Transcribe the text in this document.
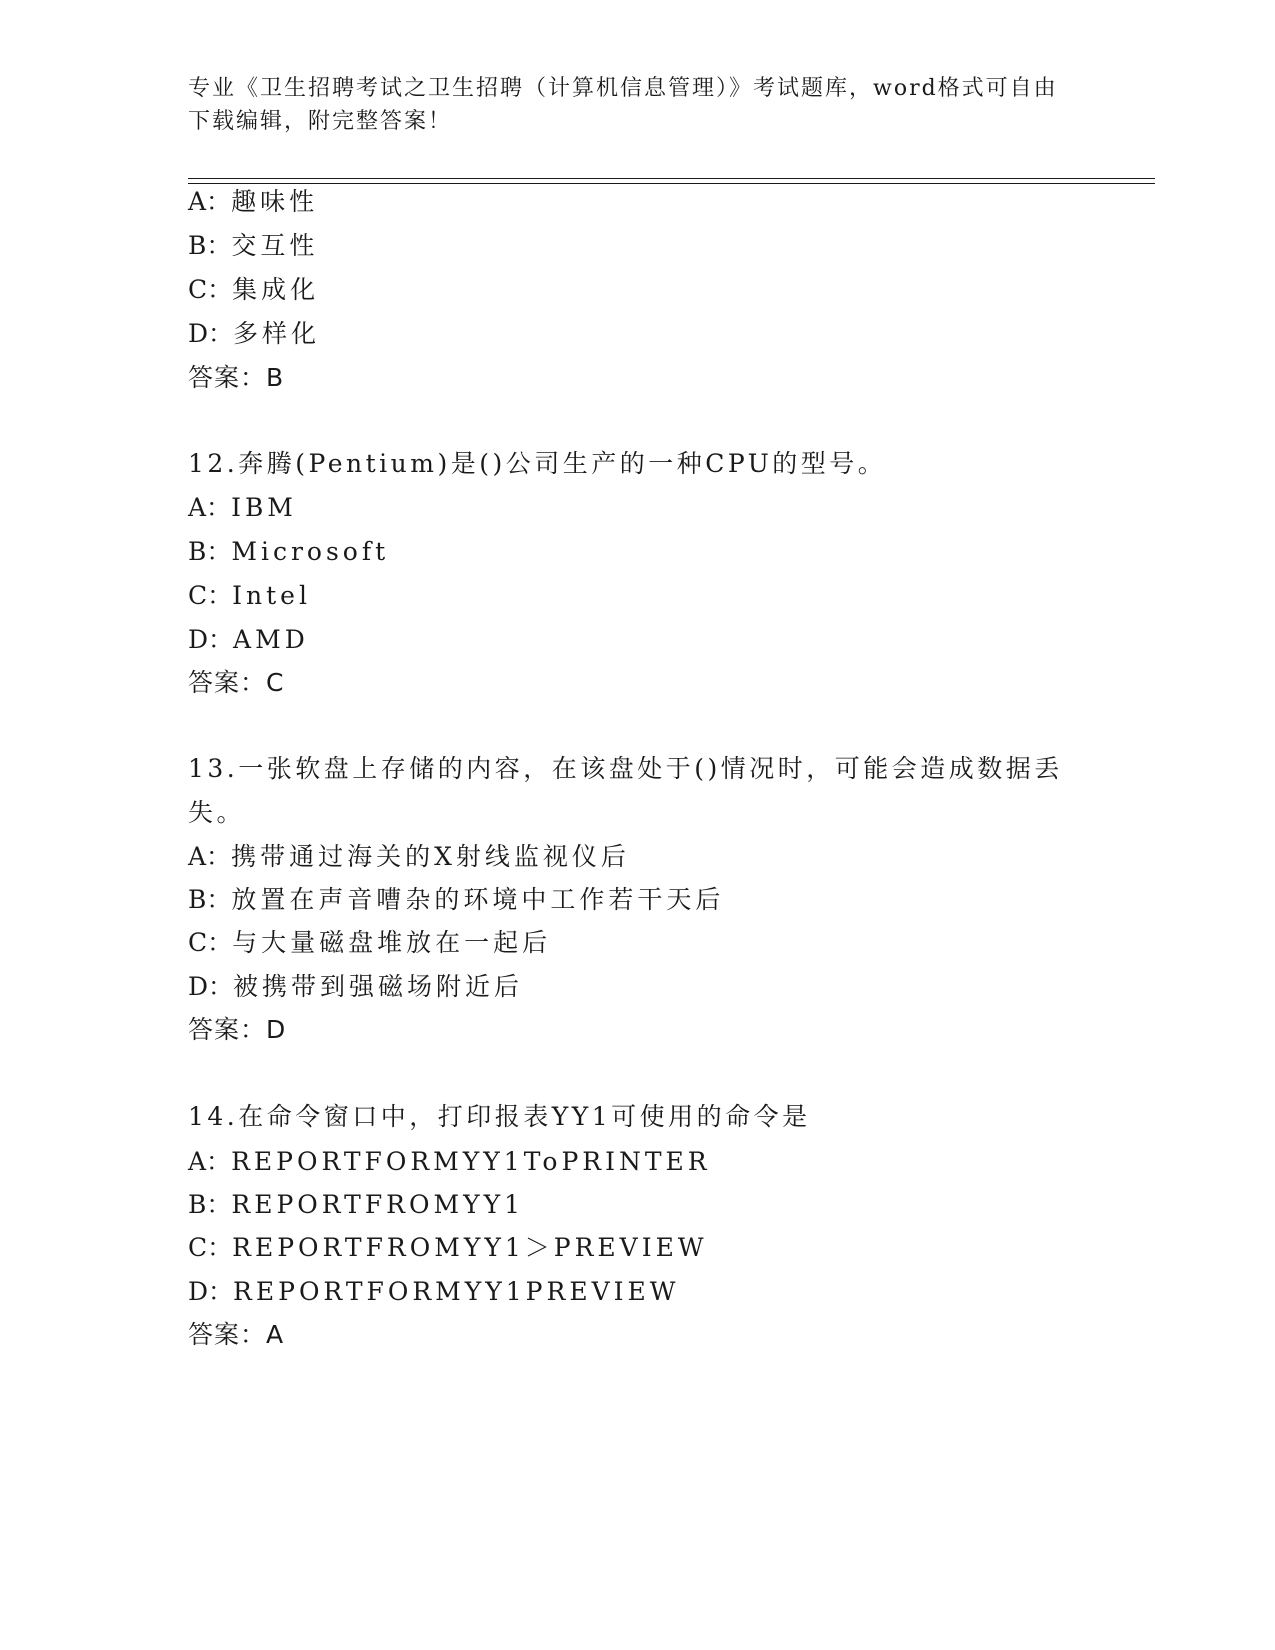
专业《卫生招聘考试之卫生招聘（计算机信息管理）》考试题库，word格式可自由下载编辑，附完整答案！
A：趣味性
B：交互性
C：集成化
D：多样化
答案：B
12.奔腾(Pentium)是()公司生产的一种CPU的型号。
A：IBM
B：Microsoft
C：Intel
D：AMD
答案：C
13.一张软盘上存储的内容，在该盘处于()情况时，可能会造成数据丢
失。
A：携带通过海关的X射线监视仪后
B：放置在声音嘈杂的环境中工作若干天后
C：与大量磁盘堆放在一起后
D：被携带到强磁场附近后
答案：D
14.在命令窗口中，打印报表YY1可使用的命令是
A：REPORTFORMYY1ToPRINTER
B：REPORTFROMYY1
C：REPORTFROMYY1＞PREVIEW
D：REPORTFORMYY1PREVIEW
答案：A
